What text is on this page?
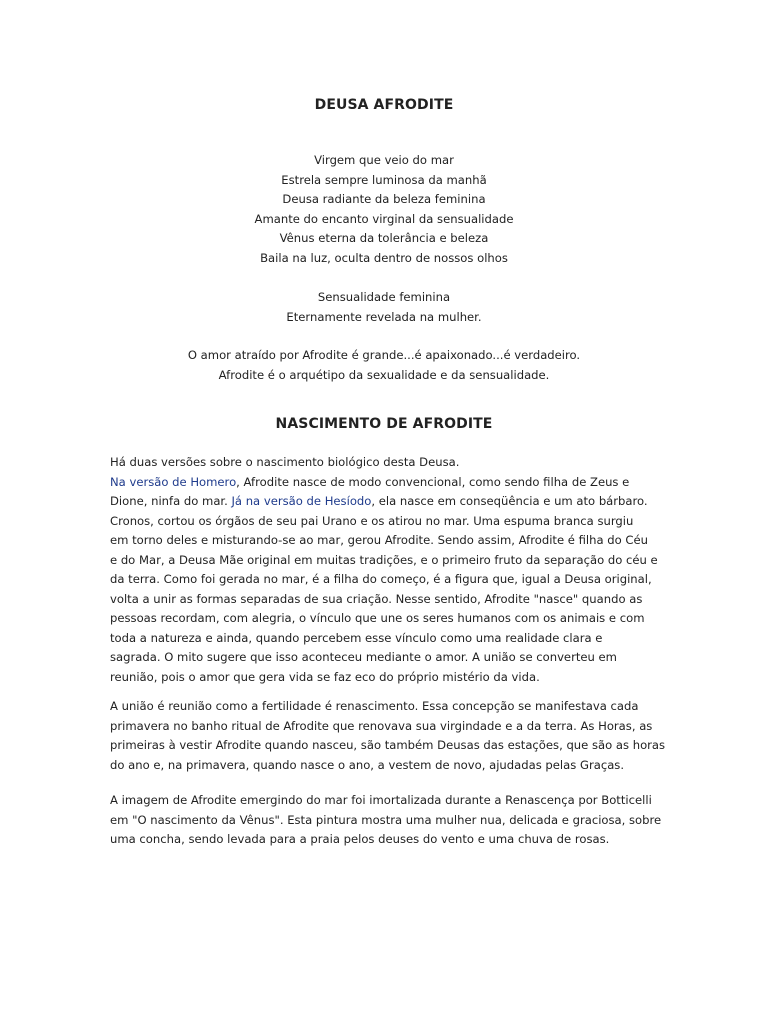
DEUSA AFRODITE
Virgem que veio do mar
Estrela sempre luminosa da manhã
Deusa radiante da beleza feminina
Amante do encanto virginal da sensualidade
Vênus eterna da tolerância e beleza
Baila na luz, oculta dentro de nossos olhos
Sensualidade feminina
Eternamente revelada na mulher.
O amor atraído por Afrodite é grande...é apaixonado...é verdadeiro.
Afrodite é o arquétipo da sexualidade e da sensualidade.
NASCIMENTO DE AFRODITE
Há duas versões sobre o nascimento biológico desta Deusa.
Na versão de Homero, Afrodite nasce de modo convencional, como sendo filha de Zeus e
Dione, ninfa do mar. Já na versão de Hesíodo, ela nasce em conseqüência e um ato bárbaro.
Cronos, cortou os órgãos de seu pai Urano e os atirou no mar. Uma espuma branca surgiu
em torno deles e misturando-se ao mar, gerou Afrodite. Sendo assim, Afrodite é filha do Céu
e do Mar, a Deusa Mãe original em muitas tradições, e o primeiro fruto da separação do céu e
da terra. Como foi gerada no mar, é a filha do começo, é a figura que, igual a Deusa original,
volta a unir as formas separadas de sua criação. Nesse sentido, Afrodite "nasce" quando as
pessoas recordam, com alegria, o vínculo que une os seres humanos com os animais e com
toda a natureza e ainda, quando percebem esse vínculo como uma realidade clara e
sagrada. O mito sugere que isso aconteceu mediante o amor. A união se converteu em
reunião, pois o amor que gera vida se faz eco do próprio mistério da vida.
A união é reunião como a fertilidade é renascimento. Essa concepção se manifestava cada
primavera no banho ritual de Afrodite que renovava sua virgindade e a da terra. As Horas, as
primeiras à vestir Afrodite quando nasceu, são também Deusas das estações, que são as horas
do ano e, na primavera, quando nasce o ano, a vestem de novo, ajudadas pelas Graças.
A imagem de Afrodite emergindo do mar foi imortalizada durante a Renascença por Botticelli
em "O nascimento da Vênus". Esta pintura mostra uma mulher nua, delicada e graciosa, sobre
uma concha, sendo levada para a praia pelos deuses do vento e uma chuva de rosas.
